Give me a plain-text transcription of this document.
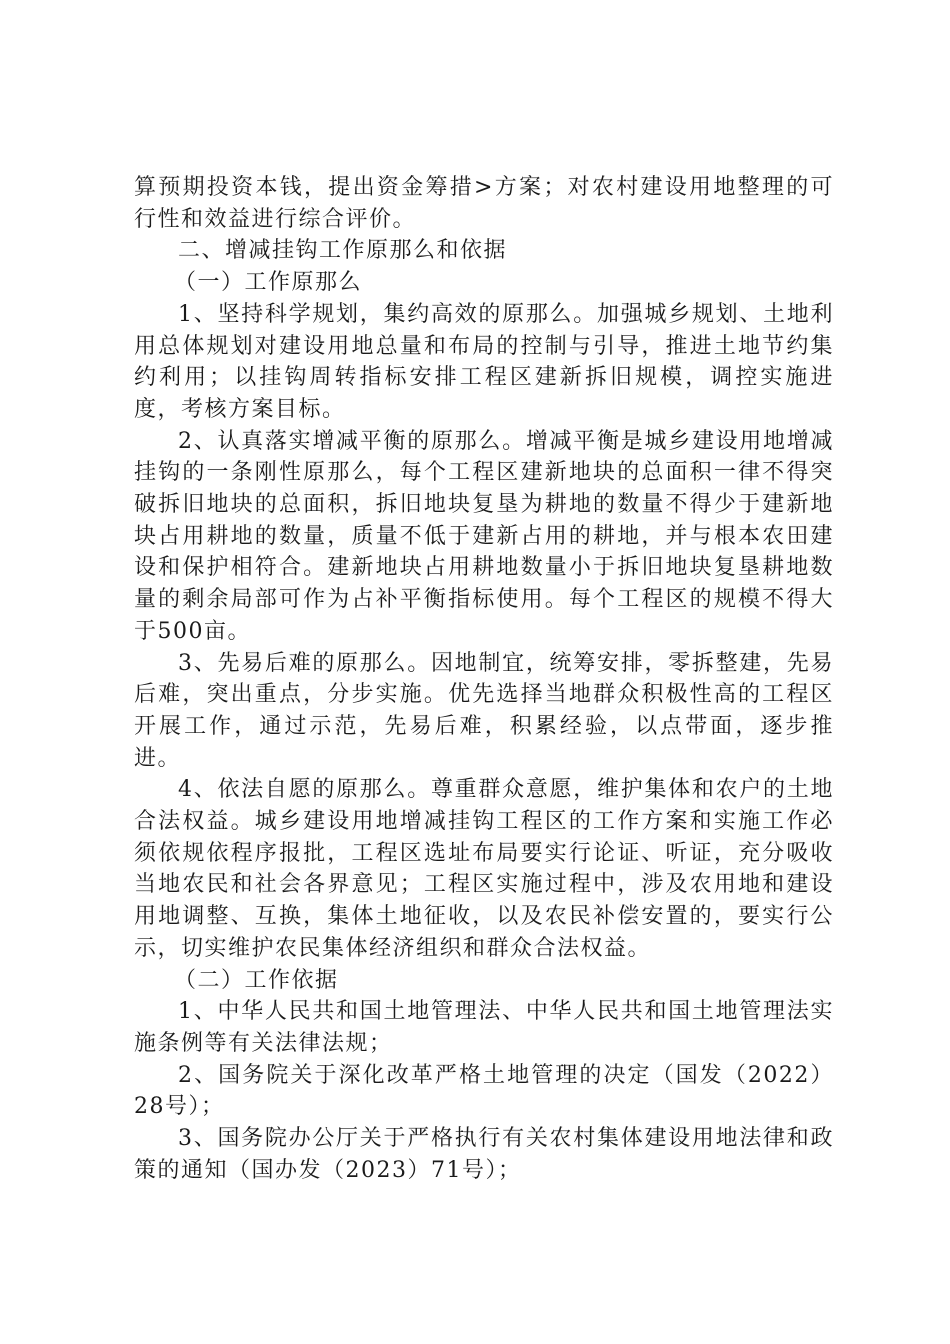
算预期投资本钱，提出资金筹措>方案；对农村建设用地整理的可行性和效益进行综合评价。

二、增减挂钩工作原那么和依据

（一）工作原那么

1、坚持科学规划，集约高效的原那么。加强城乡规划、土地利用总体规划对建设用地总量和布局的控制与引导，推进土地节约集约利用；以挂钩周转指标安排工程区建新拆旧规模，调控实施进度，考核方案目标。

2、认真落实增减平衡的原那么。增减平衡是城乡建设用地增减挂钩的一条刚性原那么，每个工程区建新地块的总面积一律不得突破拆旧地块的总面积，拆旧地块复垦为耕地的数量不得少于建新地块占用耕地的数量，质量不低于建新占用的耕地，并与根本农田建设和保护相符合。建新地块占用耕地数量小于拆旧地块复垦耕地数量的剩余局部可作为占补平衡指标使用。每个工程区的规模不得大于500亩。

3、先易后难的原那么。因地制宜，统筹安排，零拆整建，先易后难，突出重点，分步实施。优先选择当地群众积极性高的工程区开展工作，通过示范，先易后难，积累经验，以点带面，逐步推进。

4、依法自愿的原那么。尊重群众意愿，维护集体和农户的土地合法权益。城乡建设用地增减挂钩工程区的工作方案和实施工作必须依规依程序报批，工程区选址布局要实行论证、听证，充分吸收当地农民和社会各界意见；工程区实施过程中，涉及农用地和建设用地调整、互换，集体土地征收，以及农民补偿安置的，要实行公示，切实维护农民集体经济组织和群众合法权益。

（二）工作依据

1、中华人民共和国土地管理法、中华人民共和国土地管理法实施条例等有关法律法规；

2、国务院关于深化改革严格土地管理的决定（国发（2022）28号）；

3、国务院办公厅关于严格执行有关农村集体建设用地法律和政策的通知（国办发（2023）71号）；
